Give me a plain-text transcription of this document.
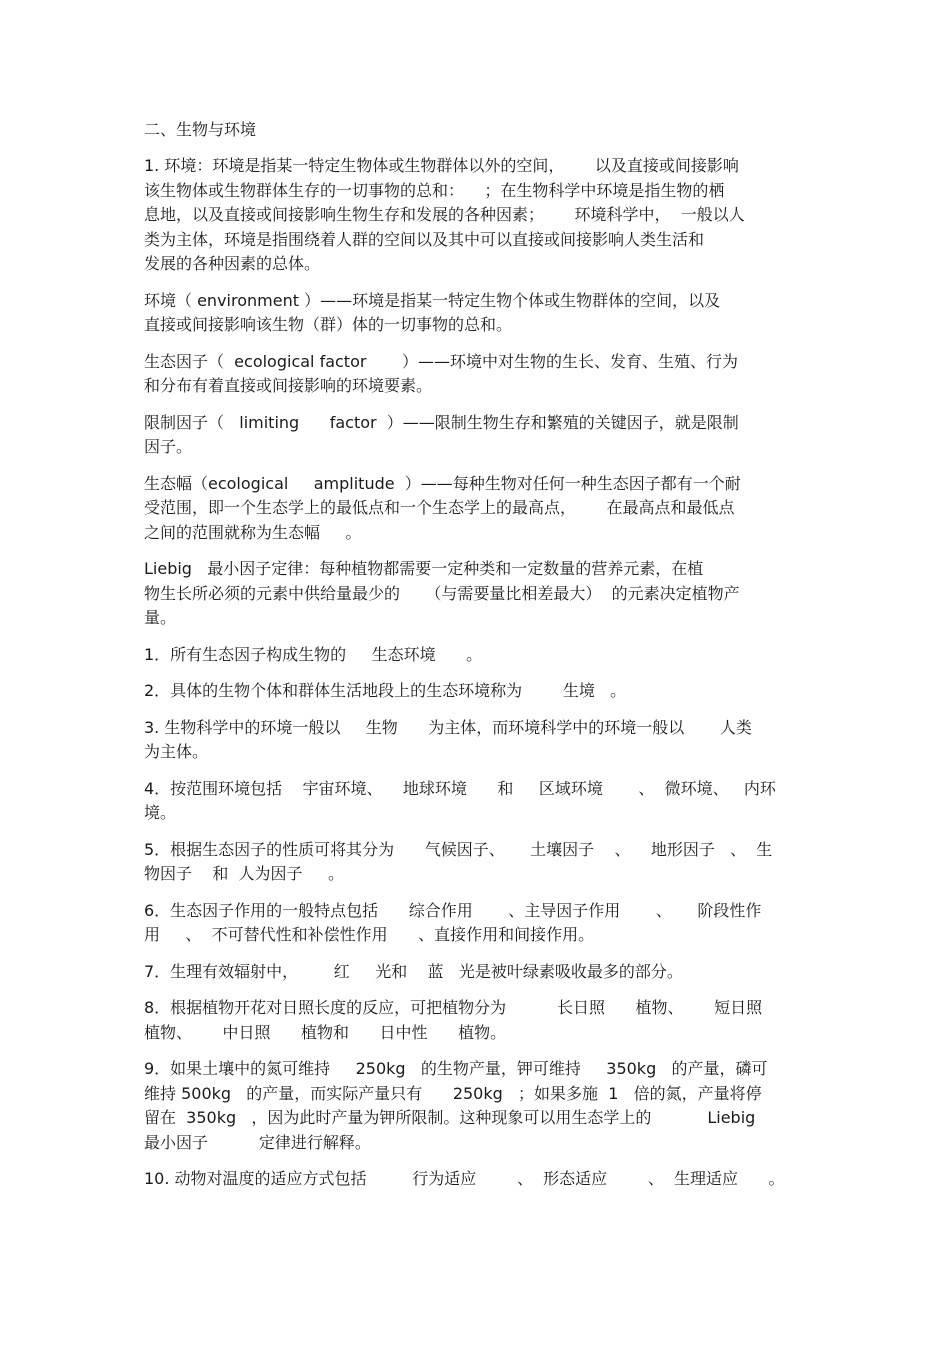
二、生物与环境
1. 环境：环境是指某一特定生物体或生物群体以外的空间，      以及直接或间接影响
该生物体或生物群体生存的一切事物的总和：    ；在生物科学中环境是指生物的栖
息地，以及直接或间接影响生物生存和发展的各种因素；      环境科学中，  一般以人
类为主体，环境是指围绕着人群的空间以及其中可以直接或间接影响人类生活和
发展的各种因素的总体。
环境（ environment ）——环境是指某一特定生物个体或生物群体的空间，以及
直接或间接影响该生物（群）体的一切事物的总和。
生态因子（  ecological factor       ）——环境中对生物的生长、发育、生殖、行为
和分布有着直接或间接影响的环境要素。
限制因子（   limiting      factor  ）——限制生物生存和繁殖的关键因子，就是限制
因子。
生态幅（ecological     amplitude  ）——每种生物对任何一种生态因子都有一个耐
受范围，即一个生态学上的最低点和一个生态学上的最高点，      在最高点和最低点
之间的范围就称为生态幅     。
Liebig   最小因子定律：每种植物都需要一定种类和一定数量的营养元素，在植
物生长所必须的元素中供给量最少的     （与需要量比相差最大）  的元素决定植物产
量。
1．所有生态因子构成生物的     生态环境      。
2．具体的生物个体和群体生活地段上的生态环境称为        生境   。
3. 生物科学中的环境一般以     生物      为主体，而环境科学中的环境一般以       人类
为主体。
4．按范围环境包括    宇宙环境、    地球环境      和     区域环境       、  微环境、   内环
境。
5．根据生态因子的性质可将其分为      气候因子、     土壤因子    、    地形因子   、  生
物因子    和  人为因子     。
6．生态因子作用的一般特点包括      综合作用       、主导因子作用       、     阶段性作
用     、  不可替代性和补偿性作用      、直接作用和间接作用。
7．生理有效辐射中，       红     光和    蓝   光是被叶绿素吸收最多的部分。
8．根据植物开花对日照长度的反应，可把植物分为          长日照      植物、      短日照
植物、      中日照      植物和      日中性      植物。
9．如果土壤中的氮可维持     250kg   的生物产量，钾可维持     350kg   的产量，磷可
维持 500kg   的产量，而实际产量只有      250kg   ；如果多施  1   倍的氮，产量将停
留在  350kg   ，因为此时产量为钾所限制。这种现象可以用生态学上的           Liebig
最小因子          定律进行解释。
10. 动物对温度的适应方式包括         行为适应        、  形态适应        、  生理适应      。
